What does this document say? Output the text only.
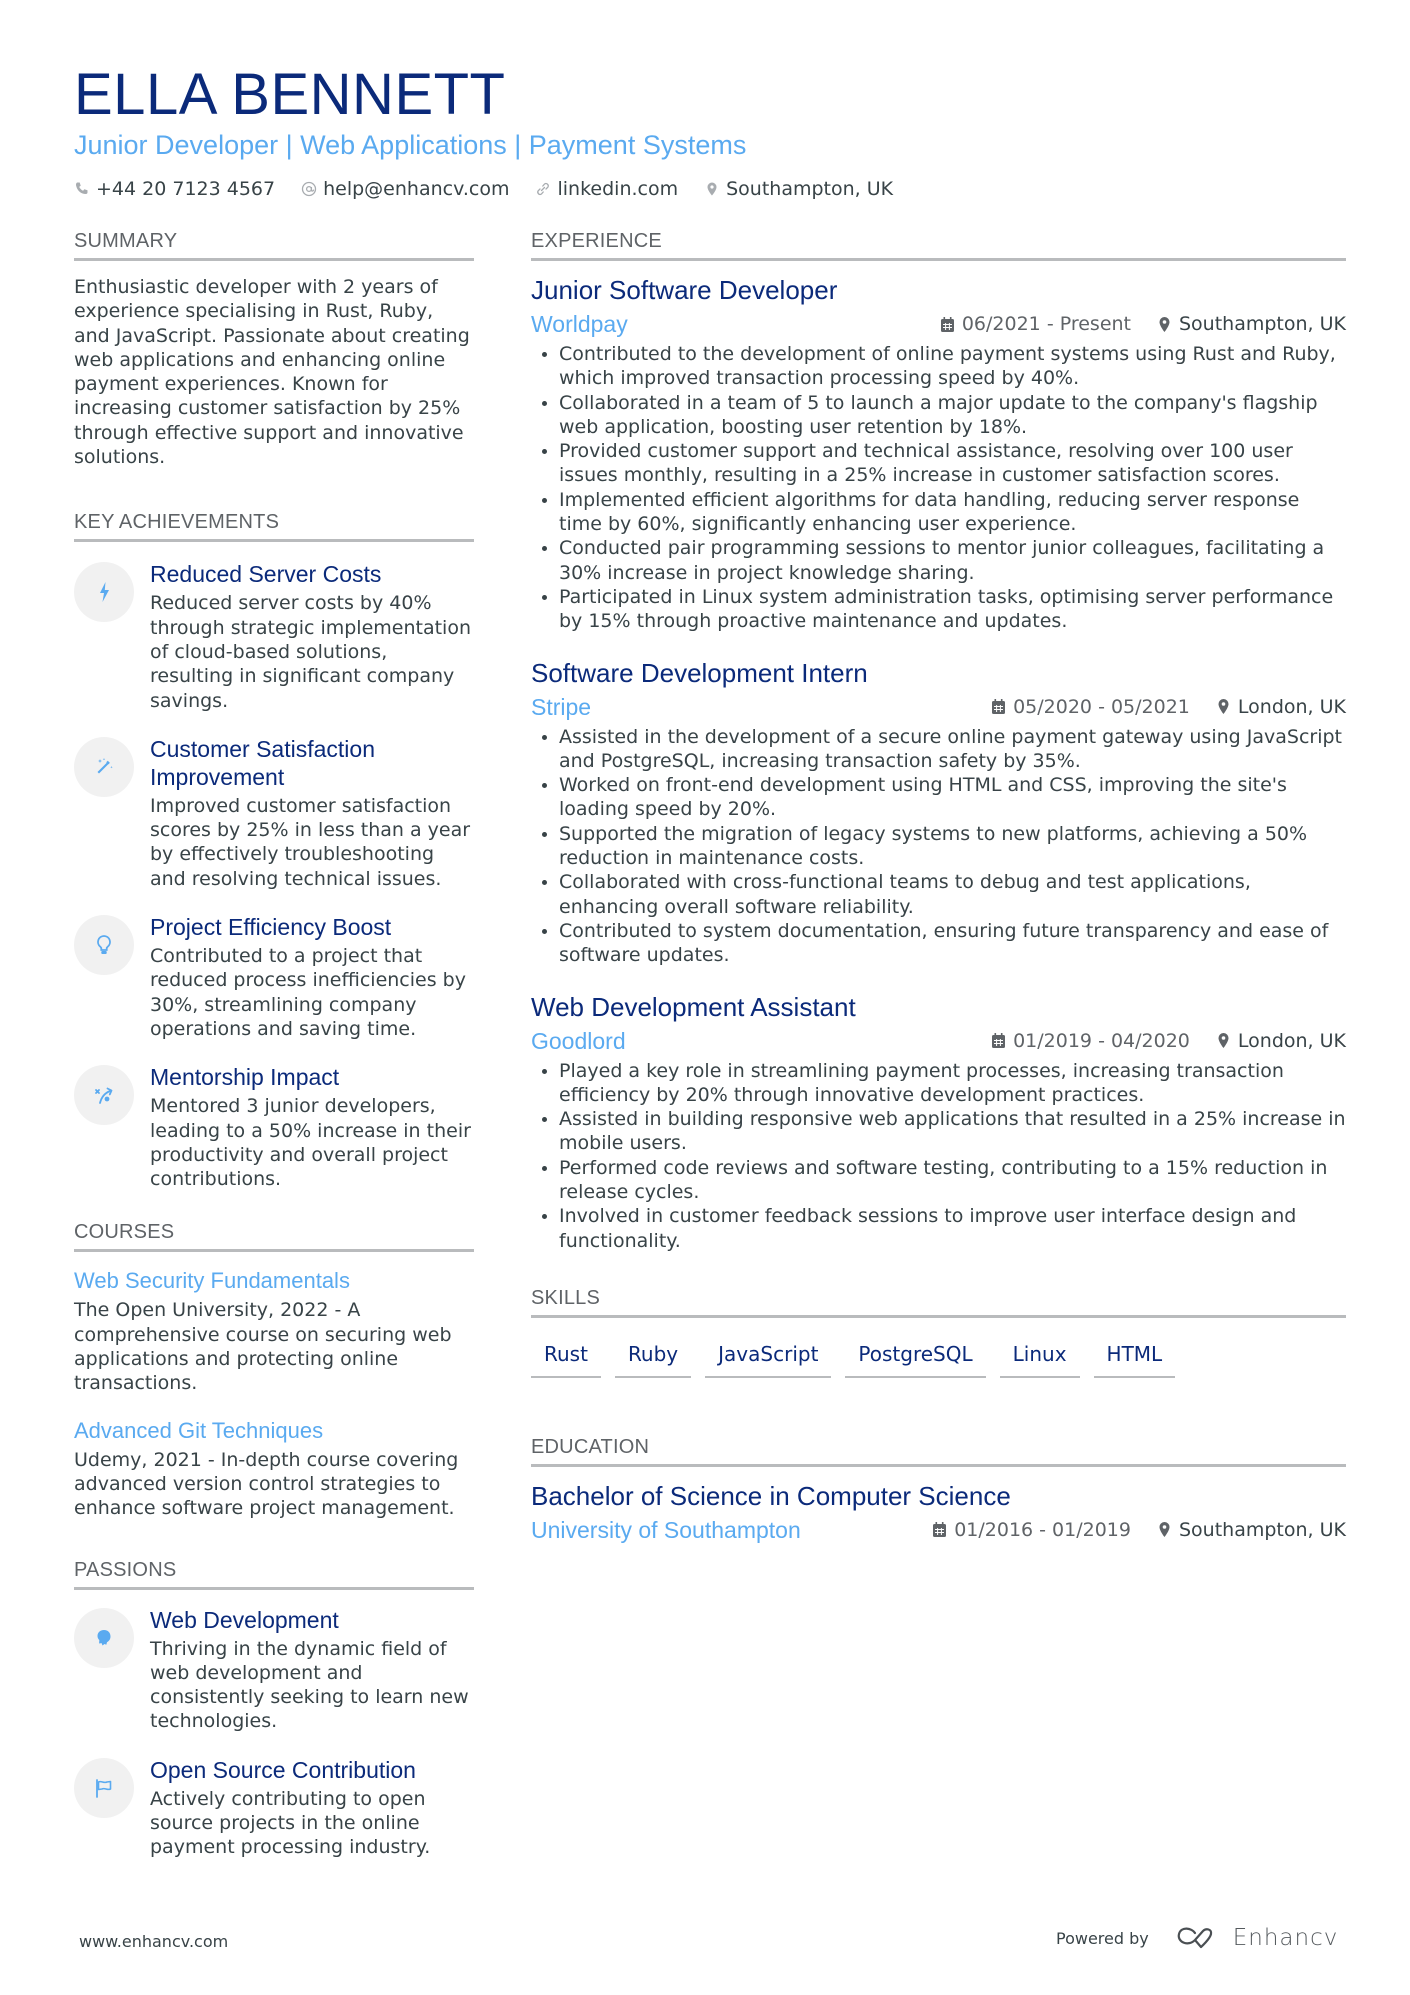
ELLA BENNETT
Junior Developer | Web Applications | Payment Systems
+44 20 7123 4567	help@enhancv.com	linkedin.com	Southampton, UK
SUMMARY

Enthusiastic developer with 2 years of experience specialising in Rust, Ruby, and JavaScript. Passionate about creating web applications and enhancing online payment experiences. Known for increasing customer satisfaction by 25% through effective support and innovative solutions.

KEY ACHIEVEMENTS
Reduced Server Costs

Reduced server costs by 40% through strategic implementation of cloud-based solutions, resulting in significant company savings.

Customer Satisfaction Improvement

Improved customer satisfaction scores by 25% in less than a year by effectively troubleshooting and resolving technical issues.

Project Efficiency Boost

Contributed to a project that reduced process inefficiencies by 30%, streamlining company operations and saving time.

Mentorship Impact

Mentored 3 junior developers, leading to a 50% increase in their productivity and overall project contributions.

COURSES
Web Security Fundamentals

The Open University, 2022 - A comprehensive course on securing web applications and protecting online transactions.

Advanced Git Techniques

Udemy, 2021 - In-depth course covering advanced version control strategies to enhance software project management.

PASSIONS
Web Development

Thriving in the dynamic field of web development and consistently seeking to learn new technologies.

Open Source Contribution

Actively contributing to open source projects in the online payment processing industry.

EXPERIENCE
Junior Software Developer
Worldpay	06/2021 - Present	Southampton, UK
Contributed to the development of online payment systems using Rust and Ruby, which improved transaction processing speed by 40%.
Collaborated in a team of 5 to launch a major update to the company's flagship web application, boosting user retention by 18%.
Provided customer support and technical assistance, resolving over 100 user issues monthly, resulting in a 25% increase in customer satisfaction scores.
Implemented efficient algorithms for data handling, reducing server response time by 60%, significantly enhancing user experience.
Conducted pair programming sessions to mentor junior colleagues, facilitating a 30% increase in project knowledge sharing.
Participated in Linux system administration tasks, optimising server performance by 15% through proactive maintenance and updates.
Software Development Intern
Stripe	05/2020 - 05/2021	London, UK
Assisted in the development of a secure online payment gateway using JavaScript and PostgreSQL, increasing transaction safety by 35%.
Worked on front-end development using HTML and CSS, improving the site's loading speed by 20%.
Supported the migration of legacy systems to new platforms, achieving a 50% reduction in maintenance costs.
Collaborated with cross-functional teams to debug and test applications, enhancing overall software reliability.
Contributed to system documentation, ensuring future transparency and ease of software updates.
Web Development Assistant
Goodlord	01/2019 - 04/2020	London, UK
Played a key role in streamlining payment processes, increasing transaction efficiency by 20% through innovative development practices.
Assisted in building responsive web applications that resulted in a 25% increase in mobile users.
Performed code reviews and software testing, contributing to a 15% reduction in release cycles.
Involved in customer feedback sessions to improve user interface design and functionality.
SKILLS
Rust	Ruby	JavaScript	PostgreSQL	Linux	HTML
EDUCATION
Bachelor of Science in Computer Science
University of Southampton	01/2016 - 01/2019	Southampton, UK
www.enhancv.com	Powered by	Enhancv
